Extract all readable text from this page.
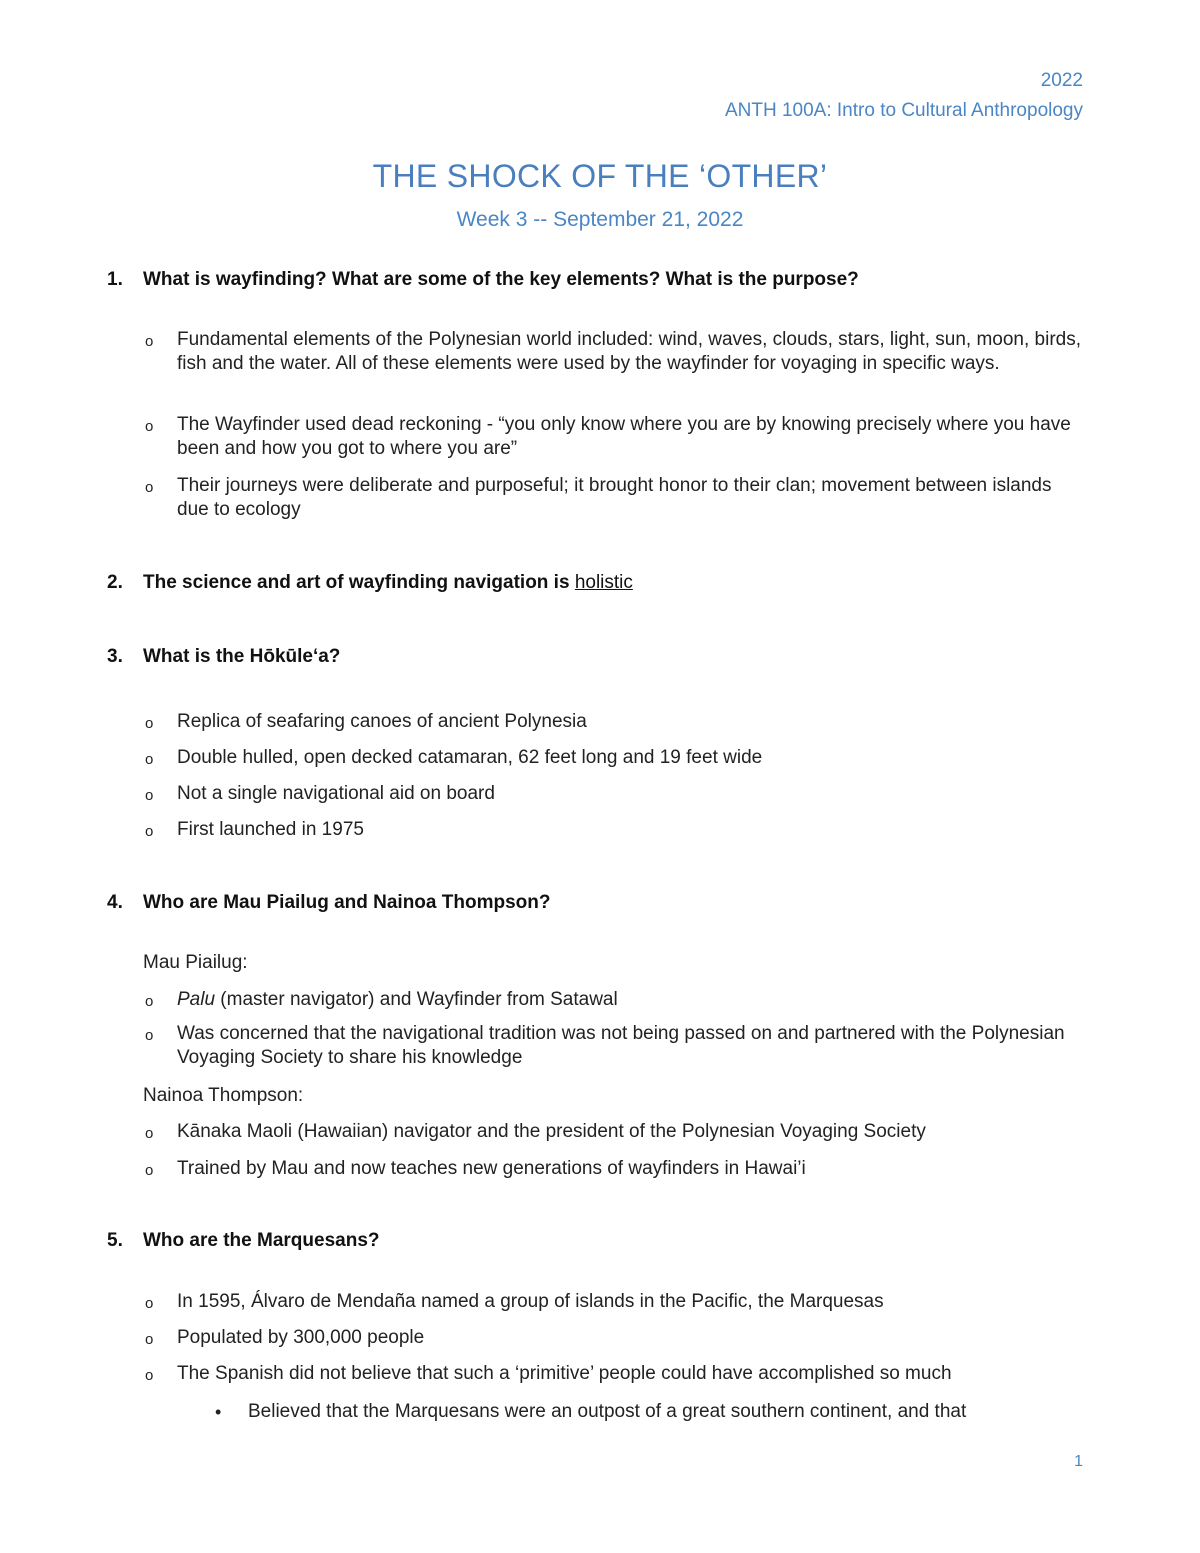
2022
ANTH 100A: Intro to Cultural Anthropology
THE SHOCK OF THE ‘OTHER’
Week 3 -- September 21, 2022
1. What is wayfinding? What are some of the key elements? What is the purpose?
o Fundamental elements of the Polynesian world included: wind, waves, clouds, stars, light, sun, moon, birds, fish and the water. All of these elements were used by the wayfinder for voyaging in specific ways.
o The Wayfinder used dead reckoning - “you only know where you are by knowing precisely where you have been and how you got to where you are”
o Their journeys were deliberate and purposeful; it brought honor to their clan; movement between islands due to ecology
2. The science and art of wayfinding navigation is holistic
3. What is the Hōkūleʻa?
o Replica of seafaring canoes of ancient Polynesia
o Double hulled, open decked catamaran, 62 feet long and 19 feet wide
o Not a single navigational aid on board
o First launched in 1975
4. Who are Mau Piailug and Nainoa Thompson?
Mau Piailug:
o Palu (master navigator) and Wayfinder from Satawal
o Was concerned that the navigational tradition was not being passed on and partnered with the Polynesian Voyaging Society to share his knowledge
Nainoa Thompson:
o Kānaka Maoli (Hawaiian) navigator and the president of the Polynesian Voyaging Society
o Trained by Mau and now teaches new generations of wayfinders in Hawai’i
5. Who are the Marquesans?
o In 1595, Álvaro de Mendaña named a group of islands in the Pacific, the Marquesas
o Populated by 300,000 people
o The Spanish did not believe that such a ‘primitive’ people could have accomplished so much
• Believed that the Marquesans were an outpost of a great southern continent, and that
1
